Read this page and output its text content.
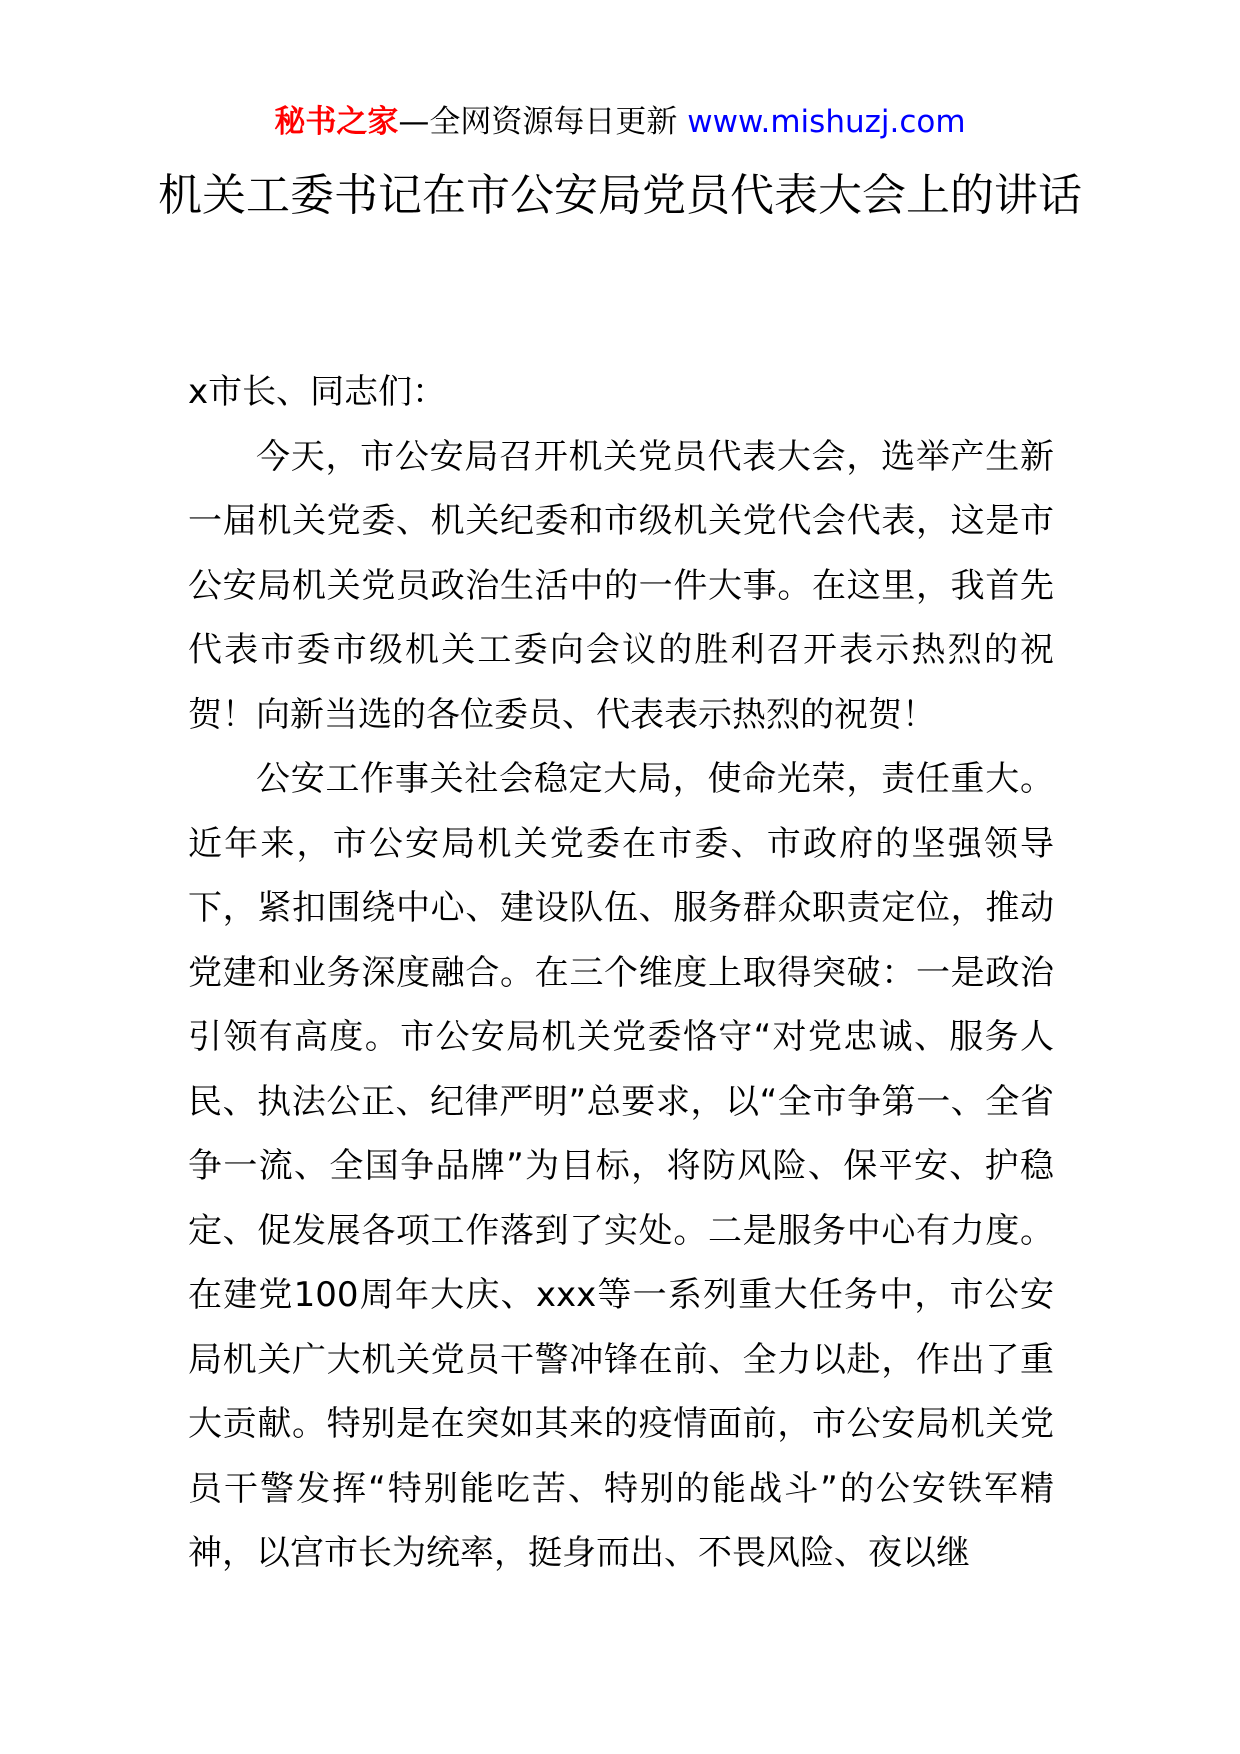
秘书之家—全网资源每日更新 www.mishuzj.com
机关工委书记在市公安局党员代表大会上的讲话

x市长、同志们：

今天，市公安局召开机关党员代表大会，选举产生新一届机关党委、机关纪委和市级机关党代会代表，这是市公安局机关党员政治生活中的一件大事。在这里，我首先代表市委市级机关工委向会议的胜利召开表示热烈的祝贺！向新当选的各位委员、代表表示热烈的祝贺！

公安工作事关社会稳定大局，使命光荣，责任重大。近年来，市公安局机关党委在市委、市政府的坚强领导下，紧扣围绕中心、建设队伍、服务群众职责定位，推动党建和业务深度融合。在三个维度上取得突破：一是政治引领有高度。市公安局机关党委恪守“对党忠诚、服务人民、执法公正、纪律严明”总要求，以“全市争第一、全省争一流、全国争品牌”为目标，将防风险、保平安、护稳定、促发展各项工作落到了实处。二是服务中心有力度。在建党100周年大庆、xxx等一系列重大任务中，市公安局机关广大机关党员干警冲锋在前、全力以赴，作出了重大贡献。特别是在突如其来的疫情面前，市公安局机关党员干警发挥“特别能吃苦、特别的能战斗”的公安铁军精神，以宫市长为统率，挺身而出、不畏风险、夜以继
